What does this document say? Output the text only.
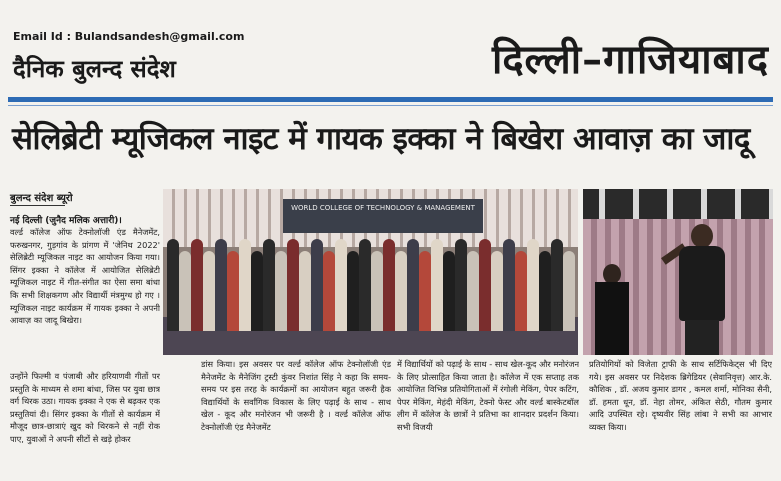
Email Id : Bulandsandesh@gmail.com
दैनिक बुलन्द संदेश	दिल्ली–गाजियाबाद
सेलिब्रेटी म्यूजिकल नाइट में गायक इक्का ने बिखेरा आवाज़ का जादू
बुलन्द संदेश ब्यूरो
नई दिल्ली (जुनैद मलिक अत्तारी)।
वर्ल्ड कॉलेज ऑफ टेक्नोलॉजी एंड मैनेजमेंट, फरुखनगर, गुड़गांव के प्रांगण में 'जेनिथ 2022' सेलिब्रेटी म्यूजिकल नाइट का आयोजन किया गया। सिंगर इक्का ने कॉलेज में आयोजित सेलिब्रेटी म्यूजिकल नाइट में गीत-संगीत का ऐसा समा बांधा कि सभी शिक्षकगण और विद्यार्थी मंत्रमुग्ध हो गए । म्यूजिकल नाइट कार्यक्रम में गायक इक्का ने अपनी आवाज़ का जादू बिखेरा।
उन्होंने फिल्मी व पंजाबी और हरियाणवी गीतों पर प्रस्तुति के माध्यम से शमा बांधा, जिस पर युवा छात्र वर्ग थिरक उठा। गायक इक्का ने एक से बढ़कर एक प्रस्तुतियां दी। सिंगर इक्का के गीतों से कार्यक्रम में मौजूद छात्र-छात्राएं खुद को थिरकने से नहीं रोक पाए, युवाओं ने अपनी सीटों से खड़े होकर
डांस किया। इस अवसर पर वर्ल्ड कॉलेज ऑफ टेक्नोलॉजी एंड मैनेजमेंट के मैनेजिंग ट्रस्टी कुंवर निशांत सिंह ने कहा कि समय-समय पर इस तरह के कार्यक्रमों का आयोजन बहुत जरूरी हैक विद्यार्थियों के सर्वांगिक विकास के लिए पढ़ाई के साथ - साथ खेल - कूद और मनोरंजन भी जरूरी है । वर्ल्ड कॉलेज ऑफ टेक्नोलॉजी एंड मैनेजमेंट
में विद्यार्थियों को पढ़ाई के साथ - साथ खेल-कूद और मनोरंजन के लिए प्रोत्साहित किया जाता है। कॉलेज में एक सप्ताह तक आयोजित विभिन्न प्रतियोगिताओं में रंगोली मेकिंग, पेपर कटिंग, पेपर मेकिंग, मेहंदी मेकिंग, टेक्नो फेस्ट और वर्ल्ड बास्केटबॉल लीग में कॉलेज के छात्रों ने प्रतिभा का शानदार प्रदर्शन किया। सभी विजयी
प्रतियोगियों को विजेता ट्राफी के साथ सर्टिफिकेट्स भी दिए गये। इस अवसर पर निदेशक ब्रिगेडियर (सेवानिवृत्त) आर.के. कौशिक , डॉ. अजय कुमार डागर , कमल शर्मा, मोनिका सैनी, डॉ. हमता धून, डॉ. नेहा तोमर, अंकित सेठी, गौतम कुमार आदि उपस्थित रहे। दृष्यवीर सिंह लांबा ने सभी का आभार व्यक्त किया।
WORLD COLLEGE OF TECHNOLOGY & MANAGEMENT
